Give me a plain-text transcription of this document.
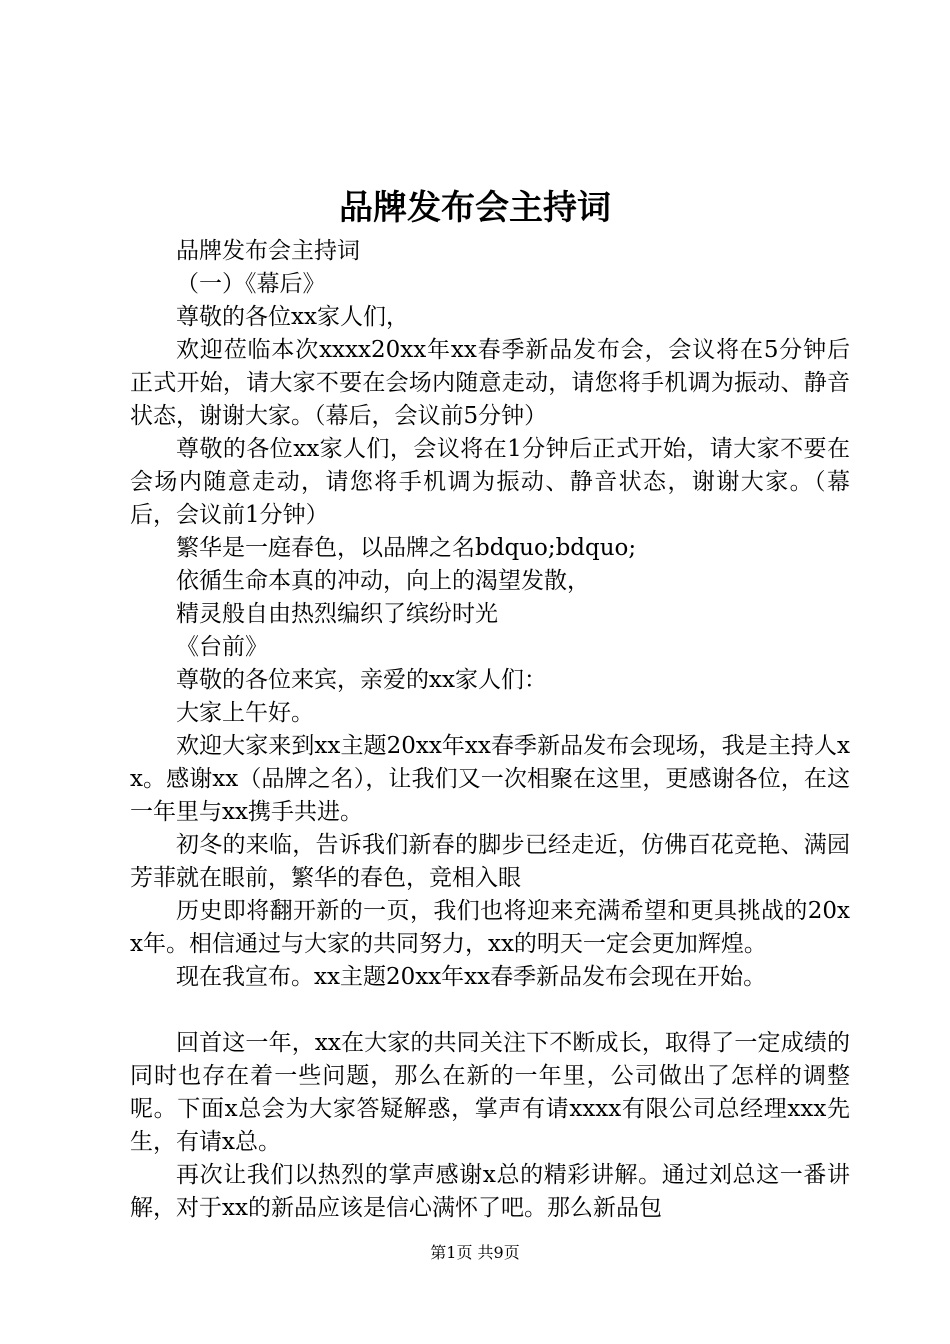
品牌发布会主持词

品牌发布会主持词

（一）《幕后》

尊敬的各位xx家人们，

欢迎莅临本次xxxx20xx年xx春季新品发布会，会议将在5分钟后正式开始，请大家不要在会场内随意走动，请您将手机调为振动、静音状态，谢谢大家。（幕后，会议前5分钟）

尊敬的各位xx家人们，会议将在1分钟后正式开始，请大家不要在会场内随意走动，请您将手机调为振动、静音状态，谢谢大家。（幕后，会议前1分钟）

繁华是一庭春色，以品牌之名bdquo;bdquo;

依循生命本真的冲动，向上的渴望发散，

精灵般自由热烈编织了缤纷时光

《台前》

尊敬的各位来宾，亲爱的xx家人们：

大家上午好。

欢迎大家来到xx主题20xx年xx春季新品发布会现场，我是主持人xx。感谢xx（品牌之名），让我们又一次相聚在这里，更感谢各位，在这一年里与xx携手共进。

初冬的来临，告诉我们新春的脚步已经走近，仿佛百花竞艳、满园芳菲就在眼前，繁华的春色，竞相入眼

历史即将翻开新的一页，我们也将迎来充满希望和更具挑战的20xx年。相信通过与大家的共同努力，xx的明天一定会更加辉煌。

现在我宣布。xx主题20xx年xx春季新品发布会现在开始。

回首这一年，xx在大家的共同关注下不断成长，取得了一定成绩的同时也存在着一些问题，那么在新的一年里，公司做出了怎样的调整呢。下面x总会为大家答疑解惑，掌声有请xxxx有限公司总经理xxx先生，有请x总。

再次让我们以热烈的掌声感谢x总的精彩讲解。通过刘总这一番讲解，对于xx的新品应该是信心满怀了吧。那么新品包

第1页 共9页
